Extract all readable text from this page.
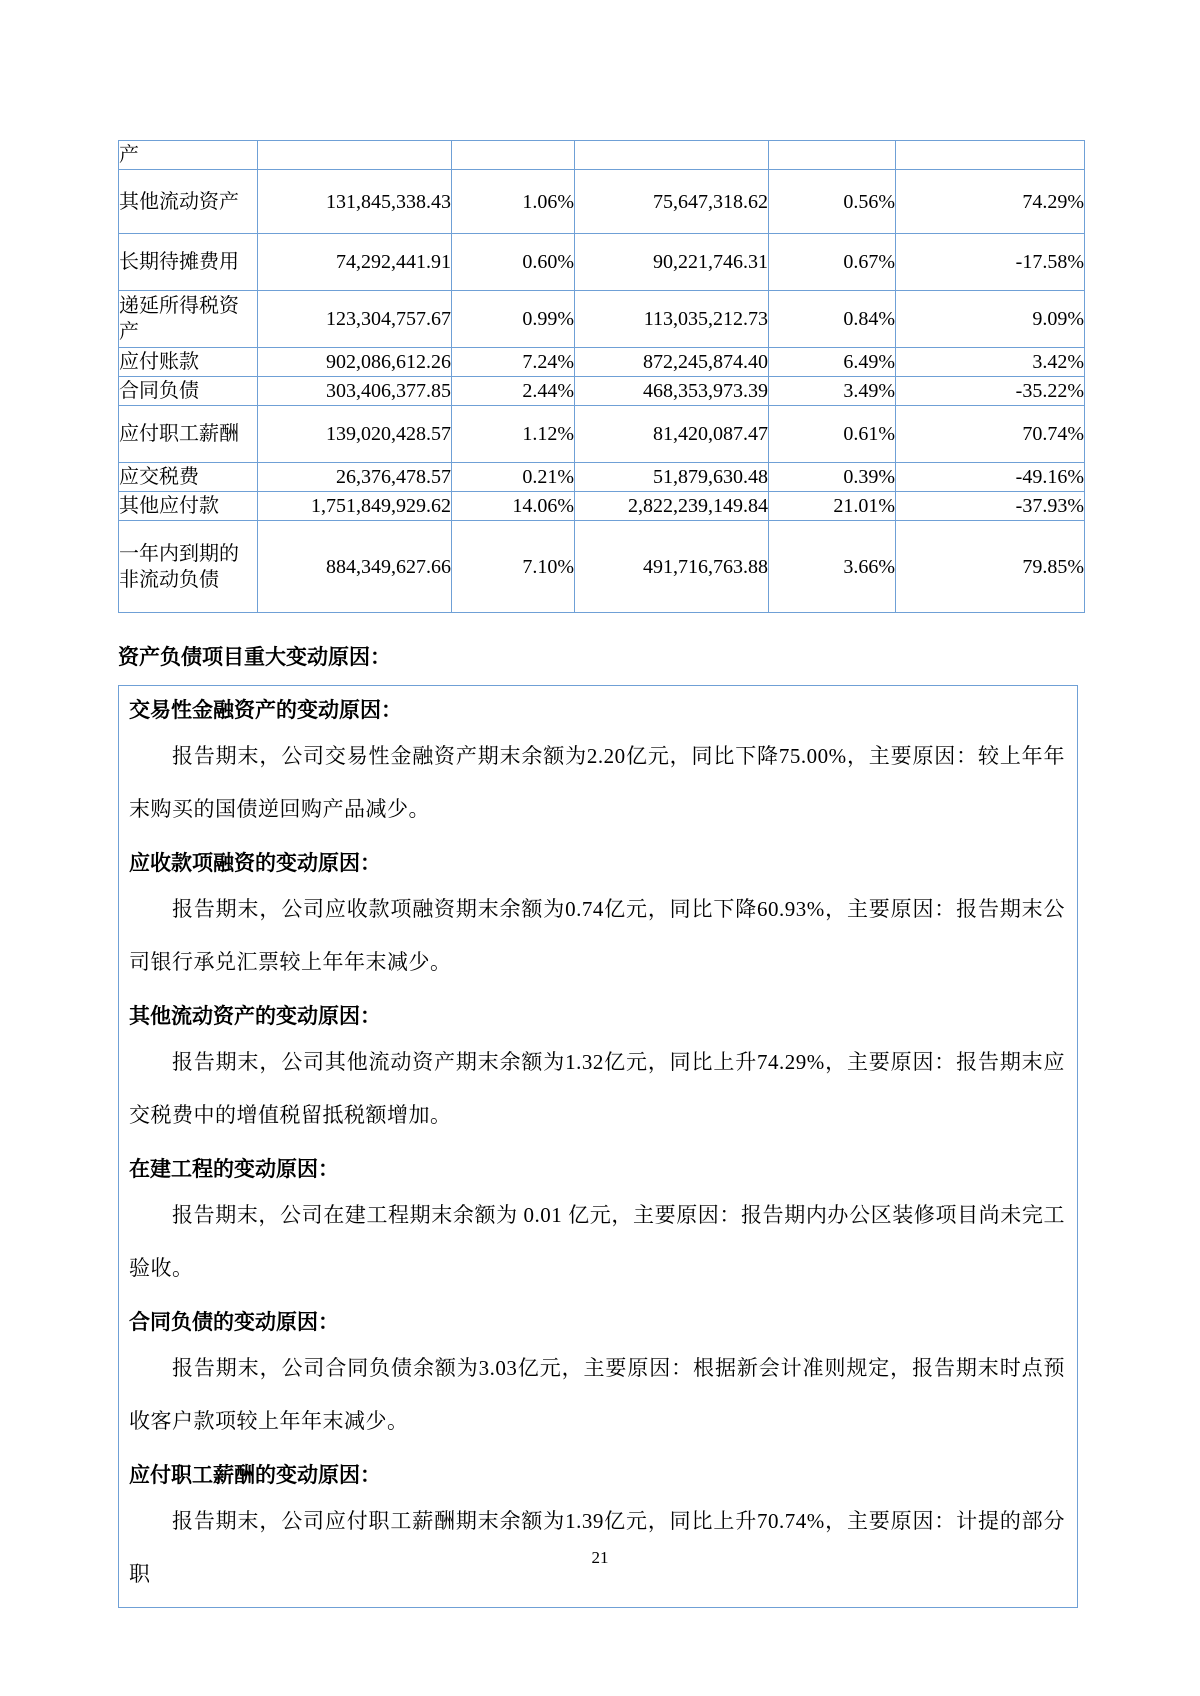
产					
其他流动资产	131,845,338.43	1.06%	75,647,318.62	0.56%	74.29%
长期待摊费用	74,292,441.91	0.60%	90,221,746.31	0.67%	-17.58%
递延所得税资产	123,304,757.67	0.99%	113,035,212.73	0.84%	9.09%
应付账款	902,086,612.26	7.24%	872,245,874.40	6.49%	3.42%
合同负债	303,406,377.85	2.44%	468,353,973.39	3.49%	-35.22%
应付职工薪酬	139,020,428.57	1.12%	81,420,087.47	0.61%	70.74%
应交税费	26,376,478.57	0.21%	51,879,630.48	0.39%	-49.16%
其他应付款	1,751,849,929.62	14.06%	2,822,239,149.84	21.01%	-37.93%
一年内到期的非流动负债	884,349,627.66	7.10%	491,716,763.88	3.66%	79.85%
资产负债项目重大变动原因：
交易性金融资产的变动原因：

报告期末，公司交易性金融资产期末余额为2.20亿元，同比下降75.00%，主要原因：较上年年末购买的国债逆回购产品减少。

应收款项融资的变动原因：

报告期末，公司应收款项融资期末余额为0.74亿元，同比下降60.93%，主要原因：报告期末公司银行承兑汇票较上年年末减少。

其他流动资产的变动原因：

报告期末，公司其他流动资产期末余额为1.32亿元，同比上升74.29%，主要原因：报告期末应交税费中的增值税留抵税额增加。

在建工程的变动原因：

报告期末，公司在建工程期末余额为 0.01 亿元，主要原因：报告期内办公区装修项目尚未完工验收。

合同负债的变动原因：

报告期末，公司合同负债余额为3.03亿元，主要原因：根据新会计准则规定，报告期末时点预收客户款项较上年年末减少。

应付职工薪酬的变动原因：

报告期末，公司应付职工薪酬期末余额为1.39亿元，同比上升70.74%，主要原因：计提的部分职

21
